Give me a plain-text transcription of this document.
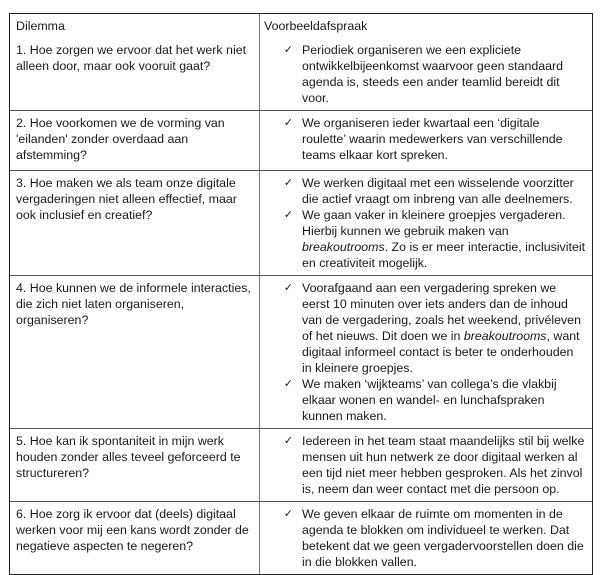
Dilemma	Voorbeeldafspraak
1. Hoe zorgen we ervoor dat het werk niet alleen door, maar ook vooruit gaat?
✓ Periodiek organiseren we een expliciete ontwikkelbijeenkomst waarvoor geen standaard agenda is, steeds een ander teamlid bereidt dit voor.
2. Hoe voorkomen we de vorming van 'eilanden' zonder overdaad aan afstemming?
✓ We organiseren ieder kwartaal een ‘digitale roulette’ waarin medewerkers van verschillende teams elkaar kort spreken.
3. Hoe maken we als team onze digitale vergaderingen niet alleen effectief, maar ook inclusief en creatief?
✓ We werken digitaal met een wisselende voorzitter die actief vraagt om inbreng van alle deelnemers.
✓ We gaan vaker in kleinere groepjes vergaderen. Hierbij kunnen we gebruik maken van breakoutrooms. Zo is er meer interactie, inclusiviteit en creativiteit mogelijk.
4. Hoe kunnen we de informele interacties, die zich niet laten organiseren, organiseren?
✓ Voorafgaand aan een vergadering spreken we eerst 10 minuten over iets anders dan de inhoud van de vergadering, zoals het weekend, privéleven of het nieuws. Dit doen we in breakoutrooms, want digitaal informeel contact is beter te onderhouden in kleinere groepjes.
✓ We maken ‘wijkteams’ van collega’s die vlakbij elkaar wonen en wandel- en lunchafspraken kunnen maken.
5. Hoe kan ik spontaniteit in mijn werk houden zonder alles teveel geforceerd te structureren?
✓ Iedereen in het team staat maandelijks stil bij welke mensen uit hun netwerk ze door digitaal werken al een tijd niet meer hebben gesproken. Als het zinvol is, neem dan weer contact met die persoon op.
6. Hoe zorg ik ervoor dat (deels) digitaal werken voor mij een kans wordt zonder de negatieve aspecten te negeren?
✓ We geven elkaar de ruimte om momenten in de agenda te blokken om individueel te werken. Dat betekent dat we geen vergadervoorstellen doen die in die blokken vallen.
